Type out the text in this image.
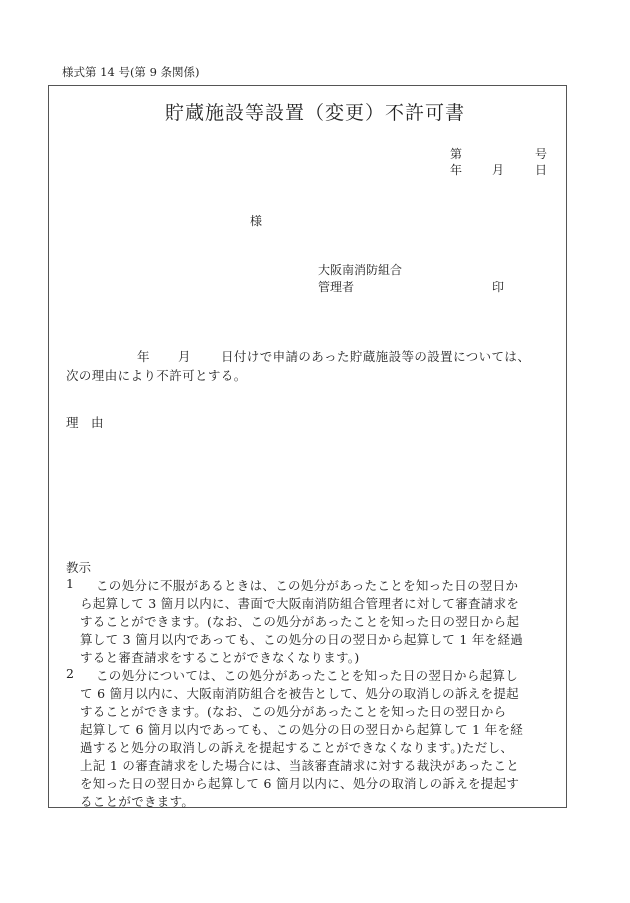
様式第 14 号(第 9 条関係)
貯蔵施設等設置（変更）不許可書
第	号
年 月	日
様
大阪南消防組合
管理者	印
年 月 日付けで申請のあった貯蔵施設等の設置については、
次の理由により不許可とする。
理　由
教示
1 この処分に不服があるときは、この処分があったことを知った日の翌日か
ら起算して 3 箇月以内に、書面で大阪南消防組合管理者に対して審査請求を
することができます。(なお、この処分があったことを知った日の翌日から起
算して 3 箇月以内であっても、この処分の日の翌日から起算して 1 年を経過
すると審査請求をすることができなくなります。)
2 この処分については、この処分があったことを知った日の翌日から起算し
て 6 箇月以内に、大阪南消防組合を被告として、処分の取消しの訴えを提起
することができます。(なお、この処分があったことを知った日の翌日から
起算して 6 箇月以内であっても、この処分の日の翌日から起算して 1 年を経
過すると処分の取消しの訴えを提起することができなくなります。)ただし、
上記 1 の審査請求をした場合には、当該審査請求に対する裁決があったこと
を知った日の翌日から起算して 6 箇月以内に、処分の取消しの訴えを提起す
ることができます。
